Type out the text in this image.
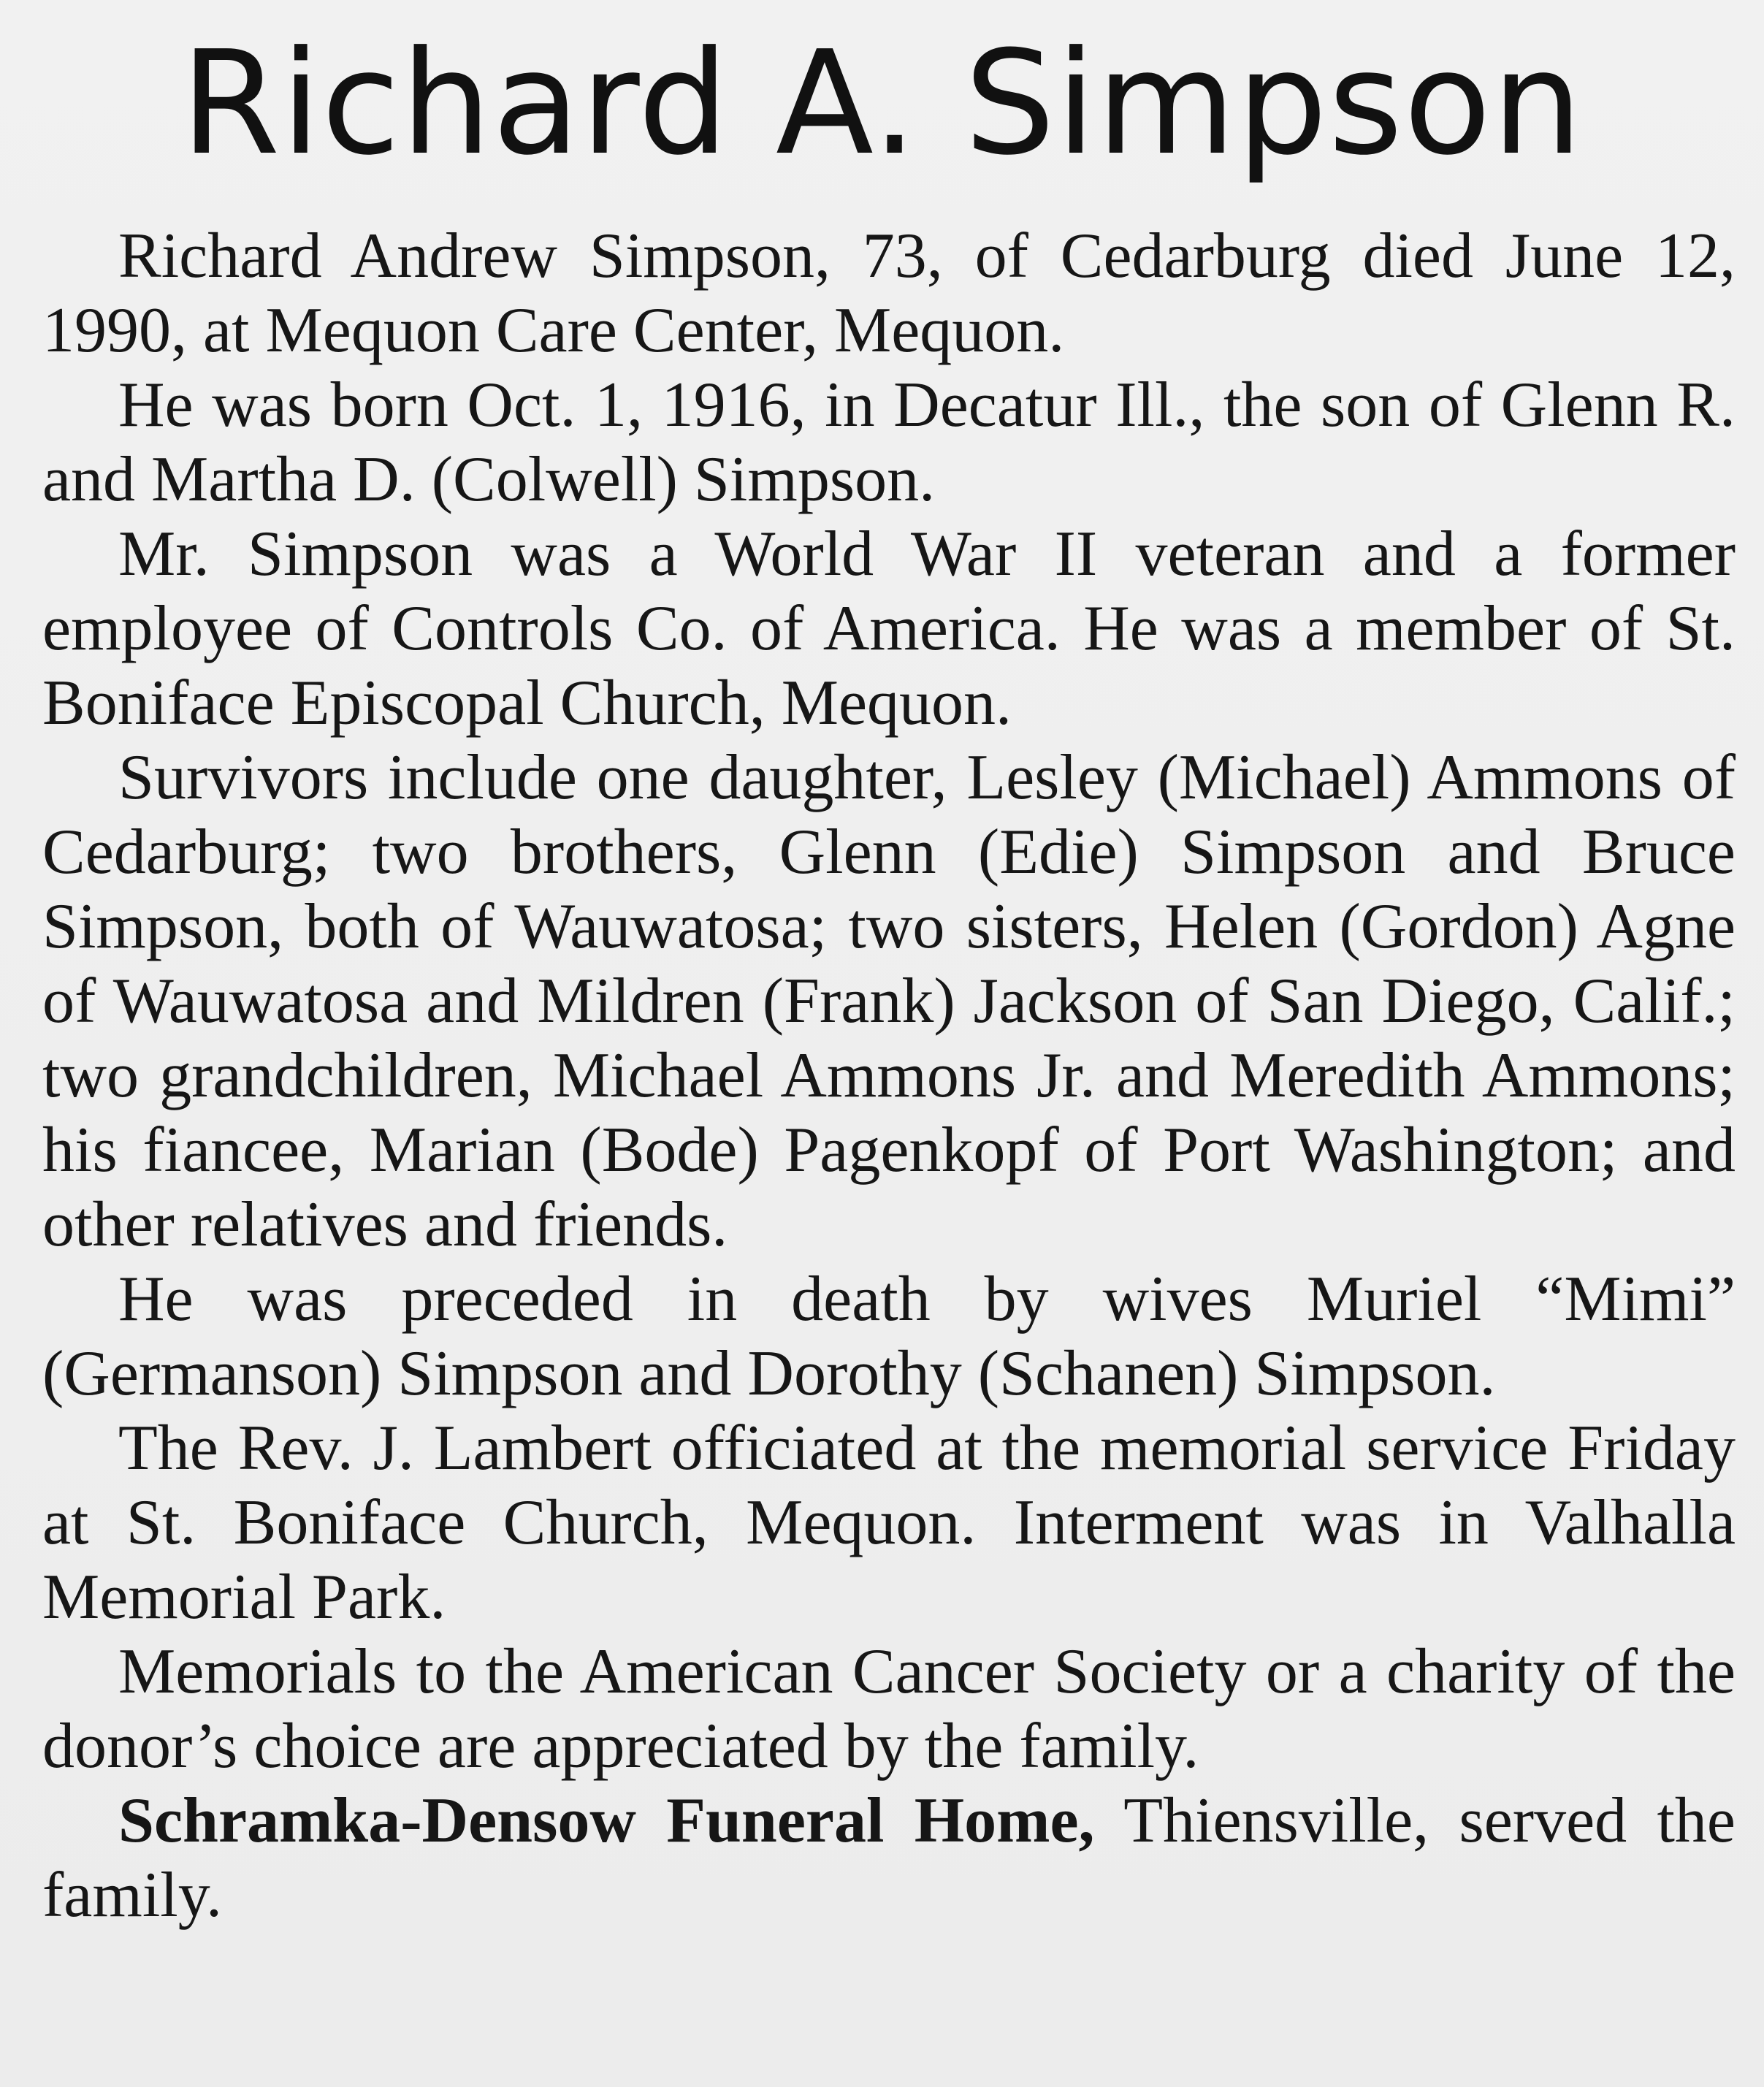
Richard A. Simpson

Richard Andrew Simpson, 73, of Cedarburg died June 12, 1990, at Mequon Care Center, Mequon.

He was born Oct. 1, 1916, in Decatur Ill., the son of Glenn R. and Martha D. (Colwell) Simpson.

Mr. Simpson was a World War II veteran and a former employee of Controls Co. of America. He was a member of St. Boniface Episcopal Church, Mequon.

Survivors include one daughter, Lesley (Michael) Ammons of Cedarburg; two brothers, Glenn (Edie) Simpson and Bruce Simpson, both of Wauwatosa; two sisters, Helen (Gordon) Agne of Wauwatosa and Mildren (Frank) Jackson of San Diego, Calif.; two grandchildren, Michael Ammons Jr. and Meredith Ammons; his fiancee, Marian (Bode) Pagenkopf of Port Washington; and other relatives and friends.

He was preceded in death by wives Muriel “Mimi” (Germanson) Simpson and Dorothy (Schanen) Simpson.

The Rev. J. Lambert officiated at the memorial service Friday at St. Boniface Church, Mequon. Interment was in Valhalla Memorial Park.

Memorials to the American Cancer Society or a charity of the donor’s choice are appreciated by the family.

Schramka-Densow Funeral Home, Thiensville, served the family.
